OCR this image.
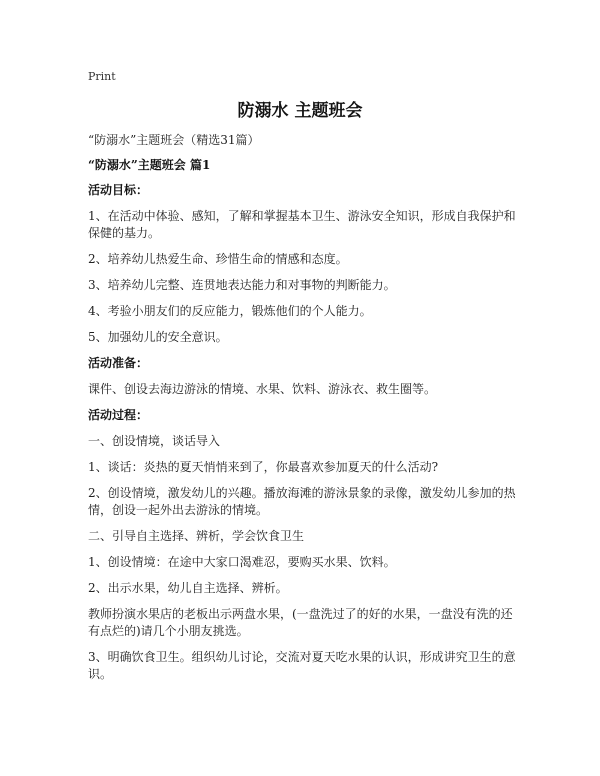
Print
防溺水 主题班会

“防溺水”主题班会（精选31篇）

“防溺水”主题班会 篇1

活动目标：

1、在活动中体验、感知，了解和掌握基本卫生、游泳安全知识，形成自我保护和保健的基力。

2、培养幼儿热爱生命、珍惜生命的情感和态度。

3、培养幼儿完整、连贯地表达能力和对事物的判断能力。

4、考验小朋友们的反应能力，锻炼他们的个人能力。

5、加强幼儿的安全意识。

活动准备：

课件、创设去海边游泳的情境、水果、饮料、游泳衣、救生圈等。

活动过程：

一、创设情境，谈话导入

1、谈话：炎热的夏天悄悄来到了，你最喜欢参加夏天的什么活动?

2、创设情境，激发幼儿的兴趣。播放海滩的游泳景象的录像，激发幼儿参加的热情，创设一起外出去游泳的情境。

二、引导自主选择、辨析，学会饮食卫生

1、创设情境：在途中大家口渴难忍，要购买水果、饮料。

2、出示水果，幼儿自主选择、辨析。

教师扮演水果店的老板出示两盘水果，(一盘洗过了的好的水果，一盘没有洗的还有点烂的)请几个小朋友挑选。

3、明确饮食卫生。组织幼儿讨论，交流对夏天吃水果的认识，形成讲究卫生的意识。
